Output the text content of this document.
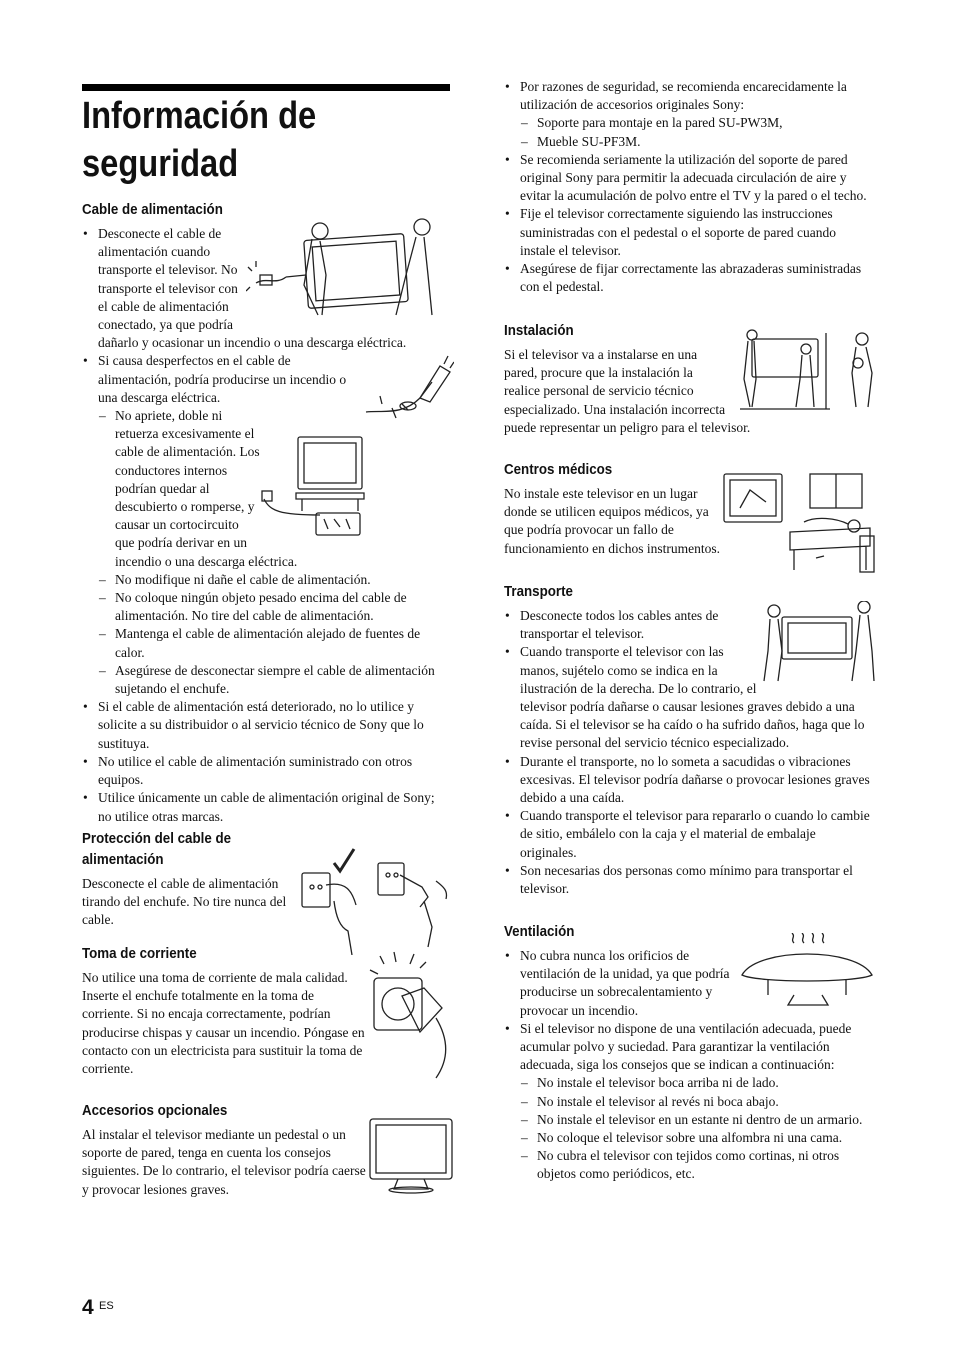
Información de seguridad
Cable de alimentación
• Desconecte el cable de alimentación cuando transporte el televisor. No transporte el televisor con el cable de alimentación conectado, ya que podría dañarlo y ocasionar un incendio o una descarga eléctrica.
• Si causa desperfectos en el cable de alimentación, podría producirse un incendio o una descarga eléctrica.
– No apriete, doble ni retuerza excesivamente el cable de alimentación. Los conductores internos podrían quedar al descubierto o romperse, y causar un cortocircuito que podría derivar en un incendio o una descarga eléctrica.
– No modifique ni dañe el cable de alimentación.
– No coloque ningún objeto pesado encima del cable de alimentación. No tire del cable de alimentación.
– Mantenga el cable de alimentación alejado de fuentes de calor.
– Asegúrese de desconectar siempre el cable de alimentación sujetando el enchufe.
• Si el cable de alimentación está deteriorado, no lo utilice y solicite a su distribuidor o al servicio técnico de Sony que lo sustituya.
• No utilice el cable de alimentación suministrado con otros equipos.
• Utilice únicamente un cable de alimentación original de Sony; no utilice otras marcas.
Protección del cable de alimentación

Desconecte el cable de alimentación tirando del enchufe. No tire nunca del cable.

Toma de corriente

No utilice una toma de corriente de mala calidad. Inserte el enchufe totalmente en la toma de corriente. Si no encaja correctamente, podrían producirse chispas y causar un incendio. Póngase en contacto con un electricista para sustituir la toma de corriente.

Accesorios opcionales

Al instalar el televisor mediante un pedestal o un soporte de pared, tenga en cuenta los consejos siguientes. De lo contrario, el televisor podría caerse y provocar lesiones graves.

• Por razones de seguridad, se recomienda encarecidamente la utilización de accesorios originales Sony:
– Soporte para montaje en la pared SU-PW3M,
– Mueble SU-PF3M.
• Se recomienda seriamente la utilización del soporte de pared original Sony para permitir la adecuada circulación de aire y evitar la acumulación de polvo entre el TV y la pared o el techo.
• Fije el televisor correctamente siguiendo las instrucciones suministradas con el pedestal o el soporte de pared cuando instale el televisor.
• Asegúrese de fijar correctamente las abrazaderas suministradas con el pedestal.
Instalación

Si el televisor va a instalarse en una pared, procure que la instalación la realice personal de servicio técnico especializado. Una instalación incorrecta puede representar un peligro para el televisor.

Centros médicos

No instale este televisor en un lugar donde se utilicen equipos médicos, ya que podría provocar un fallo de funcionamiento en dichos instrumentos.

Transporte
• Desconecte todos los cables antes de transportar el televisor.
• Cuando transporte el televisor con las manos, sujételo como se indica en la ilustración de la derecha. De lo contrario, el televisor podría dañarse o causar lesiones graves debido a una caída. Si el televisor se ha caído o ha sufrido daños, haga que lo revise personal del servicio técnico especializado.
• Durante el transporte, no lo someta a sacudidas o vibraciones excesivas. El televisor podría dañarse o provocar lesiones graves debido a una caída.
• Cuando transporte el televisor para repararlo o cuando lo cambie de sitio, embálelo con la caja y el material de embalaje originales.
• Son necesarias dos personas como mínimo para transportar el televisor.
Ventilación
• No cubra nunca los orificios de ventilación de la unidad, ya que podría producirse un sobrecalentamiento y provocar un incendio.
• Si el televisor no dispone de una ventilación adecuada, puede acumular polvo y suciedad. Para garantizar la ventilación adecuada, siga los consejos que se indican a continuación:
– No instale el televisor boca arriba ni de lado.
– No instale el televisor al revés ni boca abajo.
– No instale el televisor en un estante ni dentro de un armario.
– No coloque el televisor sobre una alfombra ni una cama.
– No cubra el televisor con tejidos como cortinas, ni otros objetos como periódicos, etc.
4 ES
